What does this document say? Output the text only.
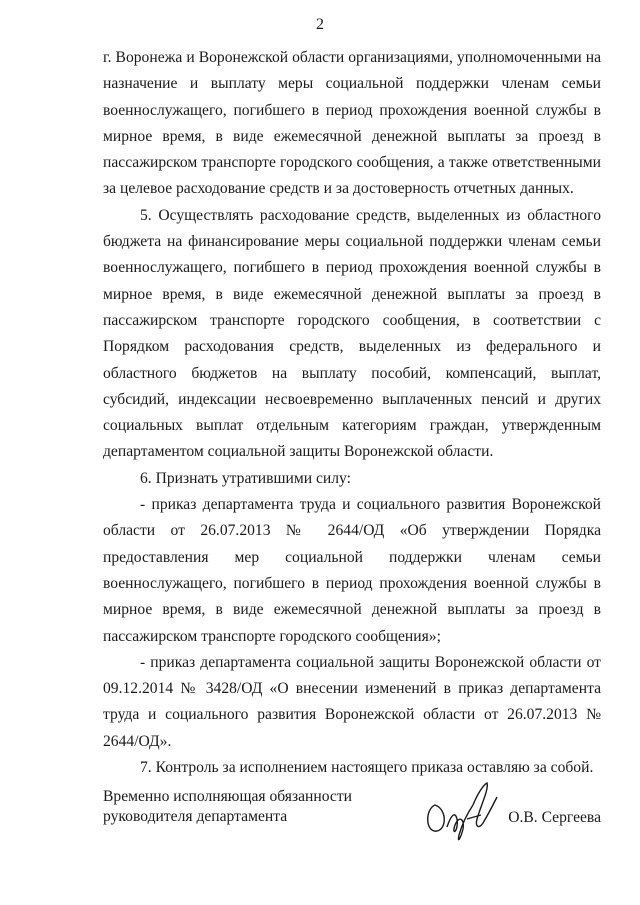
2

г. Воронежа и Воронежской области организациями, уполномоченными на назначение и выплату меры социальной поддержки членам семьи военнослужащего, погибшего в период прохождения военной службы в мирное время, в виде ежемесячной денежной выплаты за проезд в пассажирском транспорте городского сообщения, а также ответственными за целевое расходование средств и за достоверность отчетных данных.

5. Осуществлять расходование средств, выделенных из областного бюджета на финансирование меры социальной поддержки членам семьи военнослужащего, погибшего в период прохождения военной службы в мирное время, в виде ежемесячной денежной выплаты за проезд в пассажирском транспорте городского сообщения, в соответствии с Порядком расходования средств, выделенных из федерального и областного бюджетов на выплату пособий, компенсаций, выплат, субсидий, индексации несвоевременно выплаченных пенсий и других социальных выплат отдельным категориям граждан, утвержденным департаментом социальной защиты Воронежской области.

6. Признать утратившими силу:

- приказ департамента труда и социального развития Воронежской области от 26.07.2013 № 2644/ОД «Об утверждении Порядка предоставления мер социальной поддержки членам семьи военнослужащего, погибшего в период прохождения военной службы в мирное время, в виде ежемесячной денежной выплаты за проезд в пассажирском транспорте городского сообщения»;

- приказ департамента социальной защиты Воронежской области от 09.12.2014 № 3428/ОД «О внесении изменений в приказ департамента труда и социального развития Воронежской области от 26.07.2013 № 2644/ОД».

7. Контроль за исполнением настоящего приказа оставляю за собой.

Временно исполняющая обязанности
руководителя департамента	О.В. Сергеева
